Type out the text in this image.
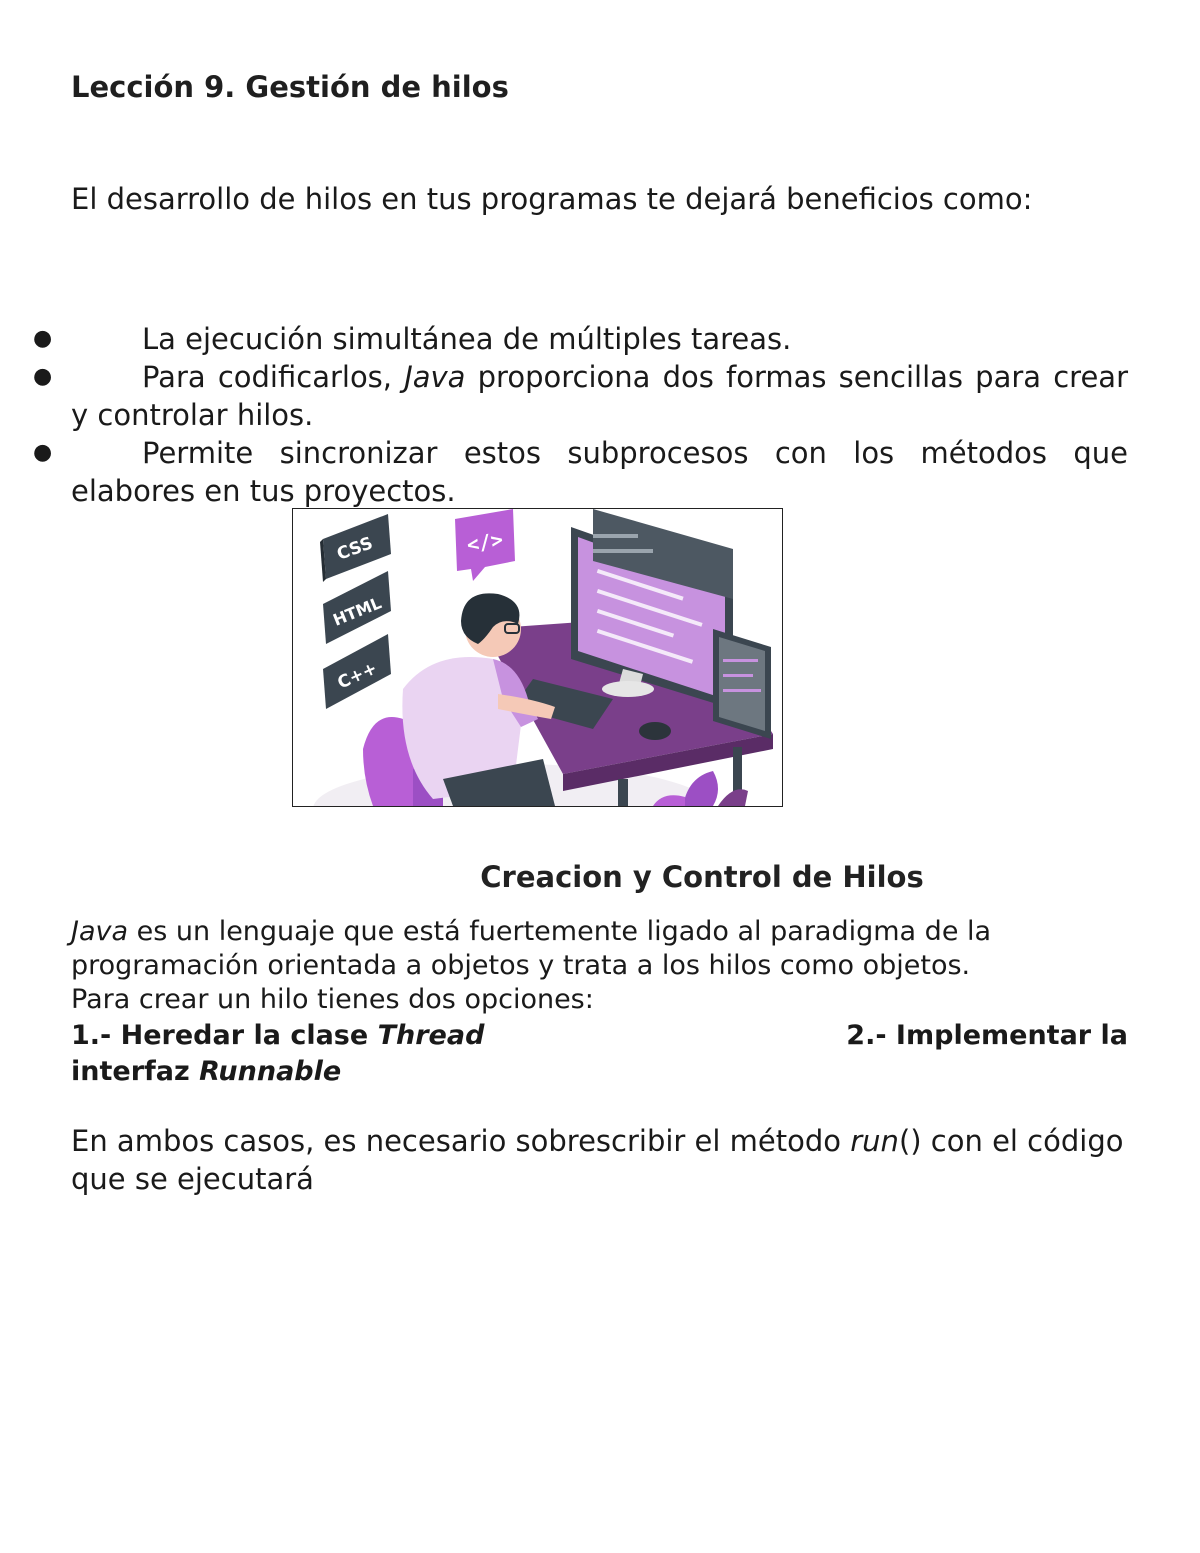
Lección 9. Gestión de hilos

El desarrollo de hilos en tus programas te dejará beneficios como:

●	La ejecución simultánea de múltiples tareas.
●	Para codificarlos, Java proporciona dos formas sencillas para crear y controlar hilos.
●	Permite sincronizar estos subprocesos con los métodos que elabores en tus proyectos.
CSS
HTML
C++
</>
Creacion y Control de Hilos

Java es un lenguaje que está fuertemente ligado al paradigma de la programación orientada a objetos y trata a los hilos como objetos.
Para crear un hilo tienes dos opciones:

1.- Heredar la clase Thread	2.- Implementar la
interfaz Runnable

En ambos casos, es necesario sobrescribir el método run() con el código que se ejecutará
